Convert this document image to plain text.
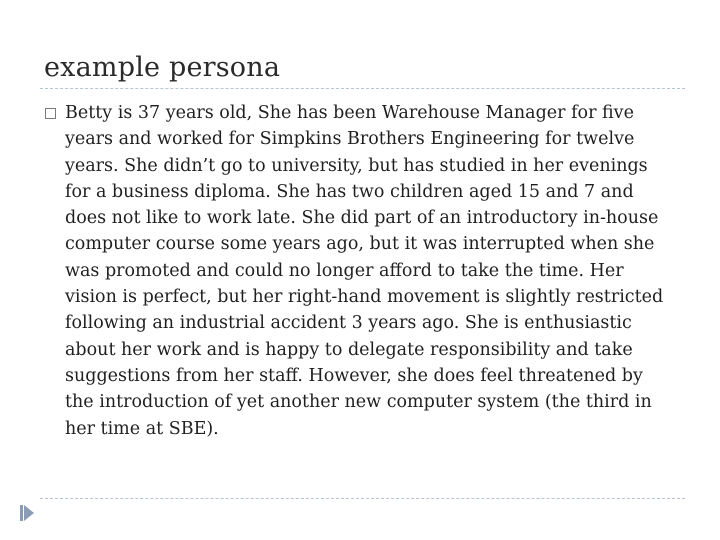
example persona

Betty is 37 years old, She has been Warehouse Manager for five years and worked for Simpkins Brothers Engineering for twelve years. She didn’t go to university, but has studied in her evenings for a business diploma. She has two children aged 15 and 7 and does not like to work late. She did part of an introductory in-house computer course some years ago, but it was interrupted when she was promoted and could no longer afford to take the time. Her vision is perfect, but her right-hand movement is slightly restricted following an industrial accident 3 years ago. She is enthusiastic about her work and is happy to delegate responsibility and take suggestions from her staff. However, she does feel threatened by the introduction of yet another new computer system (the third in her time at SBE).
